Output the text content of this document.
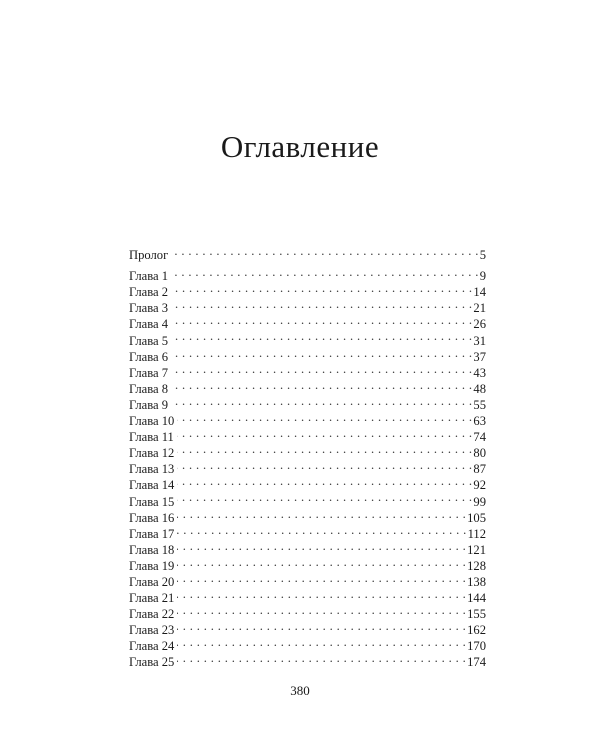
Оглавление
Пролог . . .	5
Глава 1 . . .	9
Глава 2 . . .	14
Глава 3 . . .	21
Глава 4 . . .	26
Глава 5 . . .	31
Глава 6 . . .	37
Глава 7 . . .	43
Глава 8 . . .	48
Глава 9 . . .	55
Глава 10 . . .	63
Глава 11 . . .	74
Глава 12 . . .	80
Глава 13 . . .	87
Глава 14 . . .	92
Глава 15 . . .	99
Глава 16 . . .	105
Глава 17 . . .	112
Глава 18 . . .	121
Глава 19 . . .	128
Глава 20 . . .	138
Глава 21 . . .	144
Глава 22 . . .	155
Глава 23 . . .	162
Глава 24 . . .	170
Глава 25 . . .	174
380
